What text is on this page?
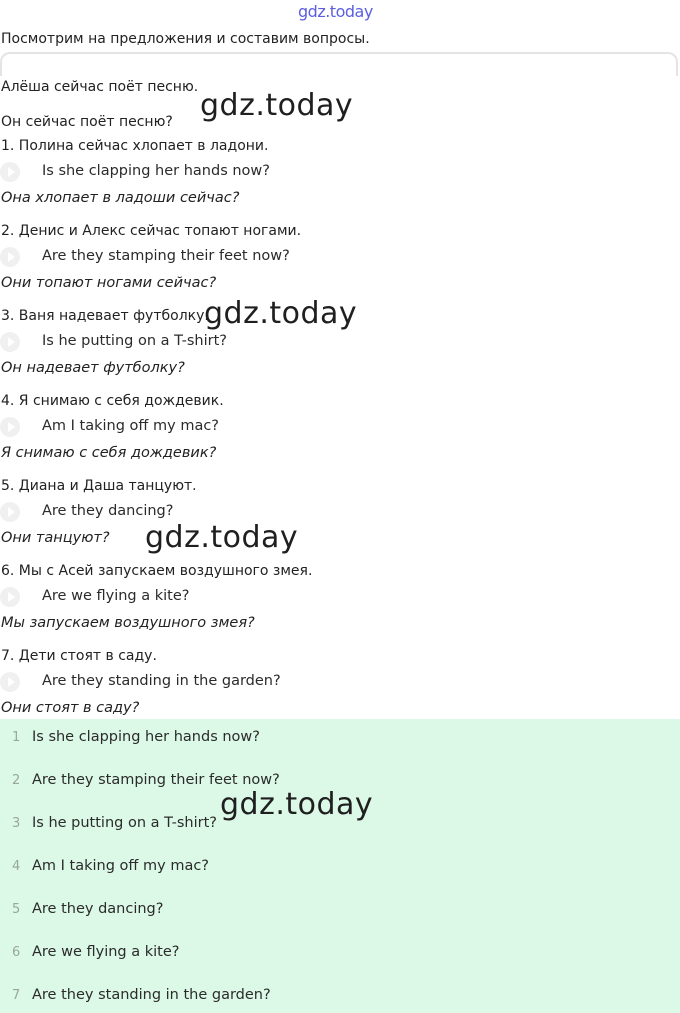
gdz.today
Посмотрим на предложения и составим вопросы.
Алёша сейчас поёт песню.
Он сейчас поёт песню?
1. Полина сейчас хлопает в ладони.
Is she clapping her hands now?
Она хлопает в ладоши сейчас?
2. Денис и Алекс сейчас топают ногами.
Are they stamping their feet now?
Они топают ногами сейчас?
3. Ваня надевает футболку.
Is he putting on a T-shirt?
Он надевает футболку?
4. Я снимаю с себя дождевик.
Am I taking off my mac?
Я снимаю с себя дождевик?
5. Диана и Даша танцуют.
Are they dancing?
Они танцуют?
6. Мы с Асей запускаем воздушного змея.
Are we flying a kite?
Мы запускаем воздушного змея?
7. Дети стоят в саду.
Are they standing in the garden?
Они стоят в саду?
1 Is she clapping her hands now?
2 Are they stamping their feet now?
3 Is he putting on a T-shirt?
4 Am I taking off my mac?
5 Are they dancing?
6 Are we flying a kite?
7 Are they standing in the garden?
gdz.today
gdz.today
gdz.today
gdz.today
